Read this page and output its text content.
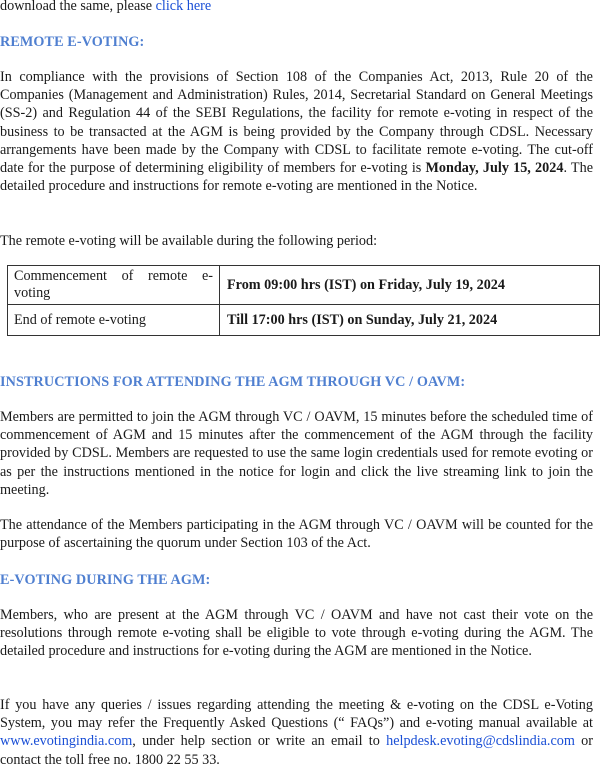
download the same, please click here
REMOTE E-VOTING:
In compliance with the provisions of Section 108 of the Companies Act, 2013, Rule 20 of the Companies (Management and Administration) Rules, 2014, Secretarial Standard on General Meetings (SS-2) and Regulation 44 of the SEBI Regulations, the facility for remote e-voting in respect of the business to be transacted at the AGM is being provided by the Company through CDSL. Necessary arrangements have been made by the Company with CDSL to facilitate remote e-voting. The cut-off date for the purpose of determining eligibility of members for e-voting is Monday, July 15, 2024. The detailed procedure and instructions for remote e-voting are mentioned in the Notice.
The remote e-voting will be available during the following period:
Commencement of remote e-voting	From 09:00 hrs (IST) on Friday, July 19, 2024
End of remote e-voting	Till 17:00 hrs (IST) on Sunday, July 21, 2024
INSTRUCTIONS FOR ATTENDING THE AGM THROUGH VC / OAVM:
Members are permitted to join the AGM through VC / OAVM, 15 minutes before the scheduled time of commencement of AGM and 15 minutes after the commencement of the AGM through the facility provided by CDSL. Members are requested to use the same login credentials used for remote evoting or as per the instructions mentioned in the notice for login and click the live streaming link to join the meeting.
The attendance of the Members participating in the AGM through VC / OAVM will be counted for the purpose of ascertaining the quorum under Section 103 of the Act.
E-VOTING DURING THE AGM:
Members, who are present at the AGM through VC / OAVM and have not cast their vote on the resolutions through remote e-voting shall be eligible to vote through e-voting during the AGM. The detailed procedure and instructions for e-voting during the AGM are mentioned in the Notice.
If you have any queries / issues regarding attending the meeting & e-voting on the CDSL e-Voting System, you may refer the Frequently Asked Questions (“ FAQs”) and e-voting manual available at www.evotingindia.com, under help section or write an email to helpdesk.evoting@cdslindia.com or contact the toll free no. 1800 22 55 33.
